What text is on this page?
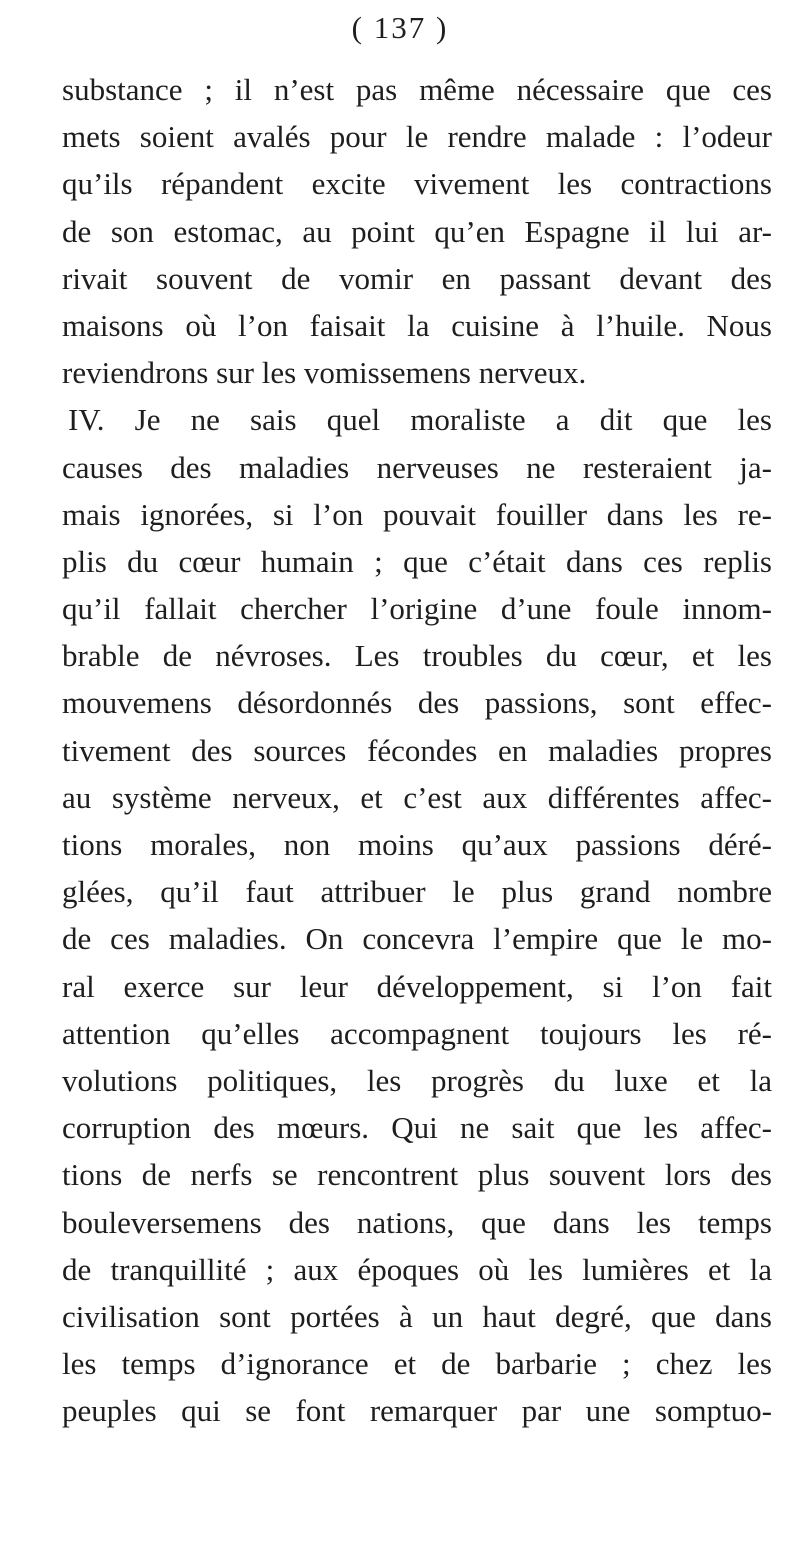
( 137 )
substance ; il n’est pas même nécessaire que ces
mets soient avalés pour le rendre malade : l’odeur
qu’ils répandent excite vivement les contractions
de son estomac, au point qu’en Espagne il lui ar-
rivait souvent de vomir en passant devant des
maisons où l’on faisait la cuisine à l’huile. Nous
reviendrons sur les vomissemens nerveux.
IV. Je ne sais quel moraliste a dit que les
causes des maladies nerveuses ne resteraient ja-
mais ignorées, si l’on pouvait fouiller dans les re-
plis du cœur humain ; que c’était dans ces replis
qu’il fallait chercher l’origine d’une foule innom-
brable de névroses. Les troubles du cœur, et les
mouvemens désordonnés des passions, sont effec-
tivement des sources fécondes en maladies propres
au système nerveux, et c’est aux différentes affec-
tions morales, non moins qu’aux passions déré-
glées, qu’il faut attribuer le plus grand nombre
de ces maladies. On concevra l’empire que le mo-
ral exerce sur leur développement, si l’on fait
attention qu’elles accompagnent toujours les ré-
volutions politiques, les progrès du luxe et la
corruption des mœurs. Qui ne sait que les affec-
tions de nerfs se rencontrent plus souvent lors des
bouleversemens des nations, que dans les temps
de tranquillité ; aux époques où les lumières et la
civilisation sont portées à un haut degré, que dans
les temps d’ignorance et de barbarie ; chez les
peuples qui se font remarquer par une somptuo-
